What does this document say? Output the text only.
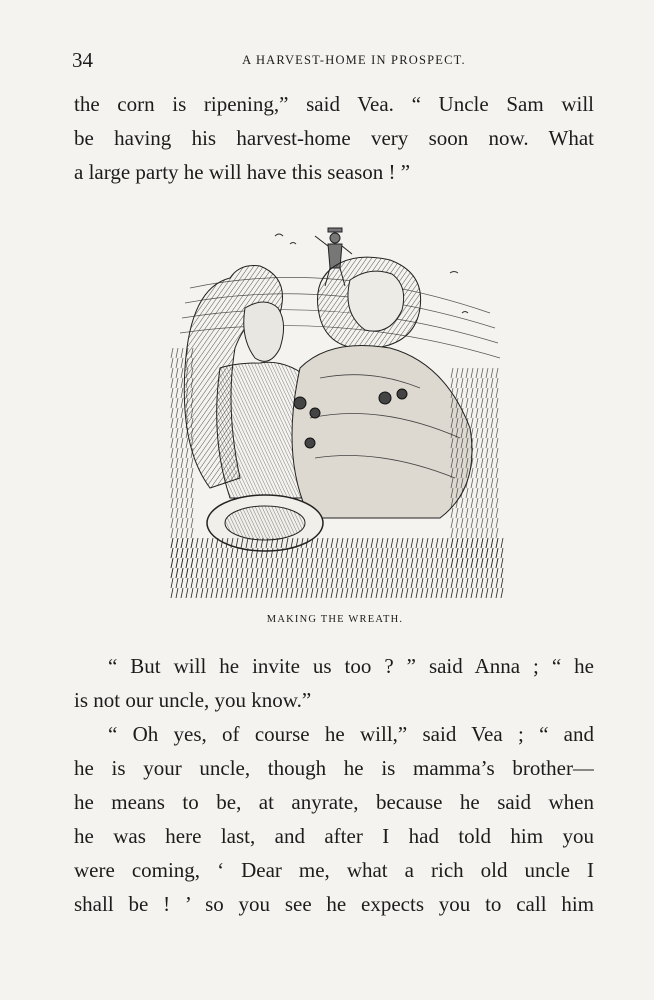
34	A HARVEST-HOME IN PROSPECT.
the corn is ripening,” said Vea. “ Uncle Sam will
be having his harvest-home very soon now. What
a large party he will have this season ! ”
MAKING THE WREATH.
“ But will he invite us too ? ” said Anna ; “ he
is not our uncle, you know.”
“ Oh yes, of course he will,” said Vea ; “ and
he is your uncle, though he is mamma’s brother—
he means to be, at anyrate, because he said when
he was here last, and after I had told him you
were coming, ‘ Dear me, what a rich old uncle I
shall be ! ’ so you see he expects you to call him
